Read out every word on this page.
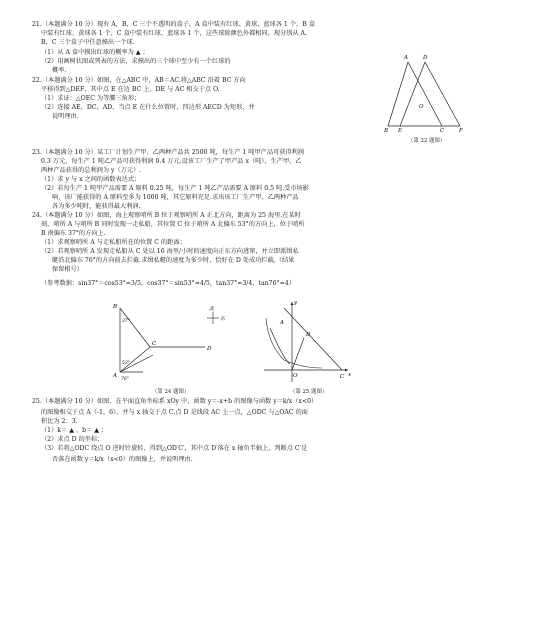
21.（本题满分 10 分）现有 A，B，C 三个不透明的盒子，A 盒中装有红球、黄球、蓝球各 1 个，B 盒
中装有红球、黄球各 1 个，C 盒中装有红球、蓝球各 1 个，这些球除颜色外都相同。现分别从 A，
B，C 三个盒子中任意摸出一个球.
（1）从 A 盒中摸出红球的概率为 ▲ ；
（2）用画树状图或列表的方法，求摸出的三个球中至少有一个红球的
概率.
22.（本题满分 10 分）如图，在△ABC 中，AB＝AC.将△ABC 沿着 BC 方向
平移得到△DEF，其中点 E 在边 BC 上，DE 与 AC 相交于点 O.
（1）求证：△OEC 为等腰三角形；
（2）连接 AE，DC，AD，当点 E 在什么位置时，四边形 AECD 为矩形，并
说明理由.
A	D
B E	C	F
O
（第 22 题图）
23.（本题满分 10 分）某工厂计划生产甲、乙两种产品共 2500 吨，每生产 1 吨甲产品可获得利润
0.3 万元，每生产 1 吨乙产品可获得利润 0.4 万元.设该工厂生产了甲产品 x（吨），生产甲、乙
两种产品获得的总利润为 y（万元）.
（1）求 y 与 x 之间的函数表达式；
（2）若每生产 1 吨甲产品需要 A 原料 0.25 吨，每生产 1 吨乙产品需要 A 原料 0.5 吨.受市场影
响，该厂能获得的 A 原料至多为 1000 吨，其它原料充足.求出该工厂生产甲、乙两种产品
各为多少吨时，能获得最大利润.
24.（本题满分 10 分）如图，海上观察哨所 B 位于观察哨所 A 正北方向，距离为 25 海里.在某时
刻，哨所 A 与哨所 B 同时发现一走私船，其位置 C 位于哨所 A 北偏东 53°的方向上，位于哨所
B 南偏东 37°的方向上.
（1）求观察哨所 A 与走私船所在的位置 C 的距离；
（2）若观察哨所 A 发现走私船从 C 处以 16 海里/小时的速度向正东方向逃窜，并立即派缉私
艇沿北偏东 76°的方向前去拦截.求缉私艇的速度为多少时，恰好在 D 处成功拦截.（结果
保留根号）
（参考数据：sin37°＝cos53°≈3/5，cos37°＝sin53°≈4/5，tan37°≈3/4，tan76°≈4）
北
东
B
A
C
D
37°
53°
76°
（第 24 题图）
y
x
A
D
O	C
（第 25 题图）
25.（本题满分 10 分）如图，在平面直角坐标系 xOy 中，函数 y＝-x+b 的图像与函数 y＝k/x（x<0）
的图像相交于点 A（-1，6），并与 x 轴交于点 C.点 D 是线段 AC 上一点，△ODC 与△OAC 的面
积比为 2：3.
（1）k＝ ▲ ，b＝ ▲ ；
（2）求点 D 的坐标；
（3）若将△ODC 绕点 O 逆时针旋转，得到△OD′C′，其中点 D′落在 x 轴负半轴上，判断点 C′是
否落在函数 y＝k/x（x<0）的图像上，并说明理由.
